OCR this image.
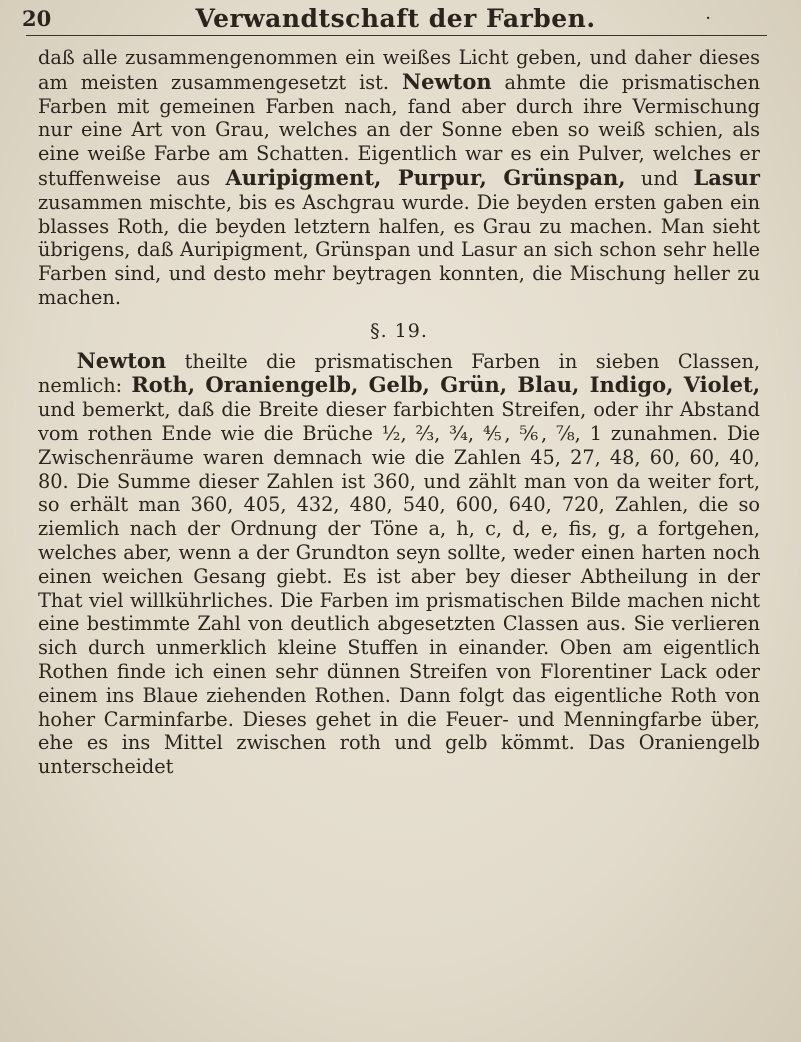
20	Verwandtschaft der Farben.	·

daß alle zusammengenommen ein weißes Licht geben, und daher dieses am meisten zusammengesetzt ist. Newton ahmte die prismatischen Farben mit gemeinen Farben nach, fand aber durch ihre Vermischung nur eine Art von Grau, welches an der Sonne eben so weiß schien, als eine weiße Farbe am Schatten. Eigentlich war es ein Pulver, welches er stuffenweise aus Auripigment, Purpur, Grünspan, und Lasur zusammen mischte, bis es Aschgrau wurde. Die beyden ersten gaben ein blasses Roth, die beyden letztern halfen, es Grau zu machen. Man sieht übrigens, daß Auripigment, Grünspan und Lasur an sich schon sehr helle Farben sind, und desto mehr beytragen konnten, die Mischung heller zu machen.

§. 19.

  Newton theilte die prismatischen Farben in sieben Classen, nemlich: Roth, Oraniengelb, Gelb, Grün, Blau, Indigo, Violet, und bemerkt, daß die Breite dieser farbichten Streifen, oder ihr Abstand vom rothen Ende wie die Brüche ½, ⅔, ¾, ⅘, ⅚, ⅞, 1 zunahmen. Die Zwischenräume waren demnach wie die Zahlen 45, 27, 48, 60, 60, 40, 80. Die Summe dieser Zahlen ist 360, und zählt man von da weiter fort, so erhält man 360, 405, 432, 480, 540, 600, 640, 720, Zahlen, die so ziemlich nach der Ordnung der Töne a, h, c, d, e, fis, g, a fortgehen, welches aber, wenn a der Grundton seyn sollte, weder einen harten noch einen weichen Gesang giebt. Es ist aber bey dieser Abtheilung in der That viel willkührliches. Die Farben im prismatischen Bilde machen nicht eine bestimmte Zahl von deutlich abgesetzten Classen aus. Sie verlieren sich durch unmerklich kleine Stuffen in einander. Oben am eigentlich Rothen finde ich einen sehr dünnen Streifen von Florentiner Lack oder einem ins Blaue ziehenden Rothen. Dann folgt das eigentliche Roth von hoher Carminfarbe. Dieses gehet in die Feuer- und Menningfarbe über, ehe es ins Mittel zwischen roth und gelb kömmt. Das Oraniengelb unterscheidet
